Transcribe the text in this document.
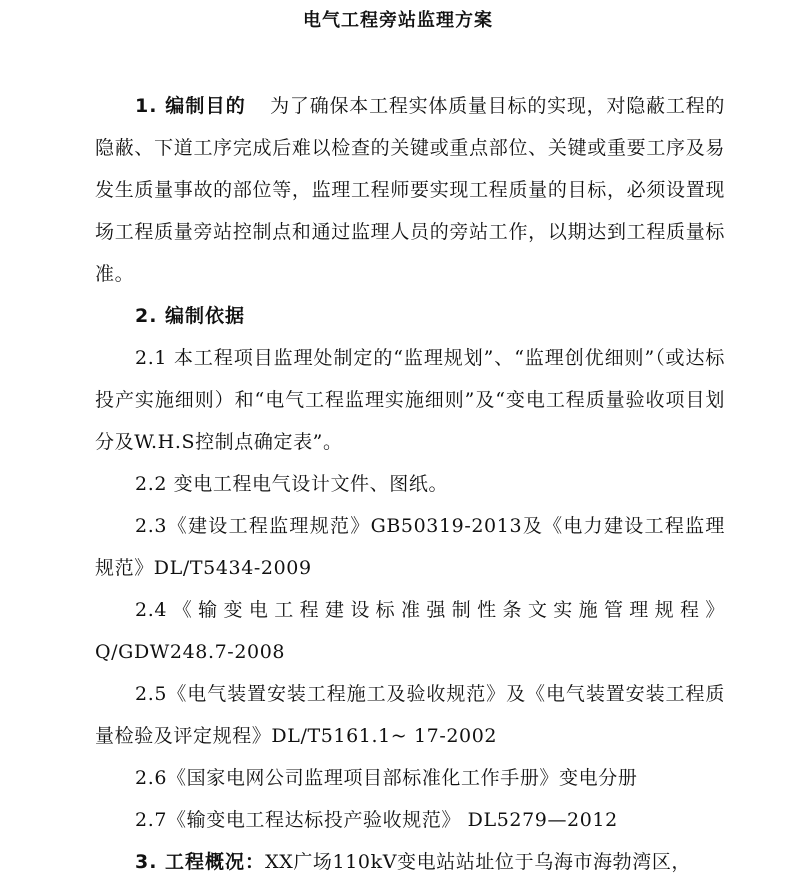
电气工程旁站监理方案

1. 编制目的 为了确保本工程实体质量目标的实现，对隐蔽工程的隐蔽、下道工序完成后难以检查的关键或重点部位、关键或重要工序及易发生质量事故的部位等，监理工程师要实现工程质量的目标，必须设置现场工程质量旁站控制点和通过监理人员的旁站工作，以期达到工程质量标准。

2. 编制依据

2.1 本工程项目监理处制定的“监理规划”、“监理创优细则”（或达标投产实施细则）和“电气工程监理实施细则”及“变电工程质量验收项目划分及W.H.S控制点确定表”。

2.2 变电工程电气设计文件、图纸。

2.3《建设工程监理规范》GB50319-2013及《电力建设工程监理规范》DL/T5434-2009

2.4《输变电工程建设标准强制性条文实施管理规程》Q/GDW248.7-2008

2.5《电气装置安装工程施工及验收规范》及《电气装置安装工程质量检验及评定规程》DL/T5161.1~ 17-2002

2.6《国家电网公司监理项目部标准化工作手册》变电分册

2.7《输变电工程达标投产验收规范》 DL5279—2012

3. 工程概况：XX广场110kV变电站站址位于乌海市海勃湾区，
